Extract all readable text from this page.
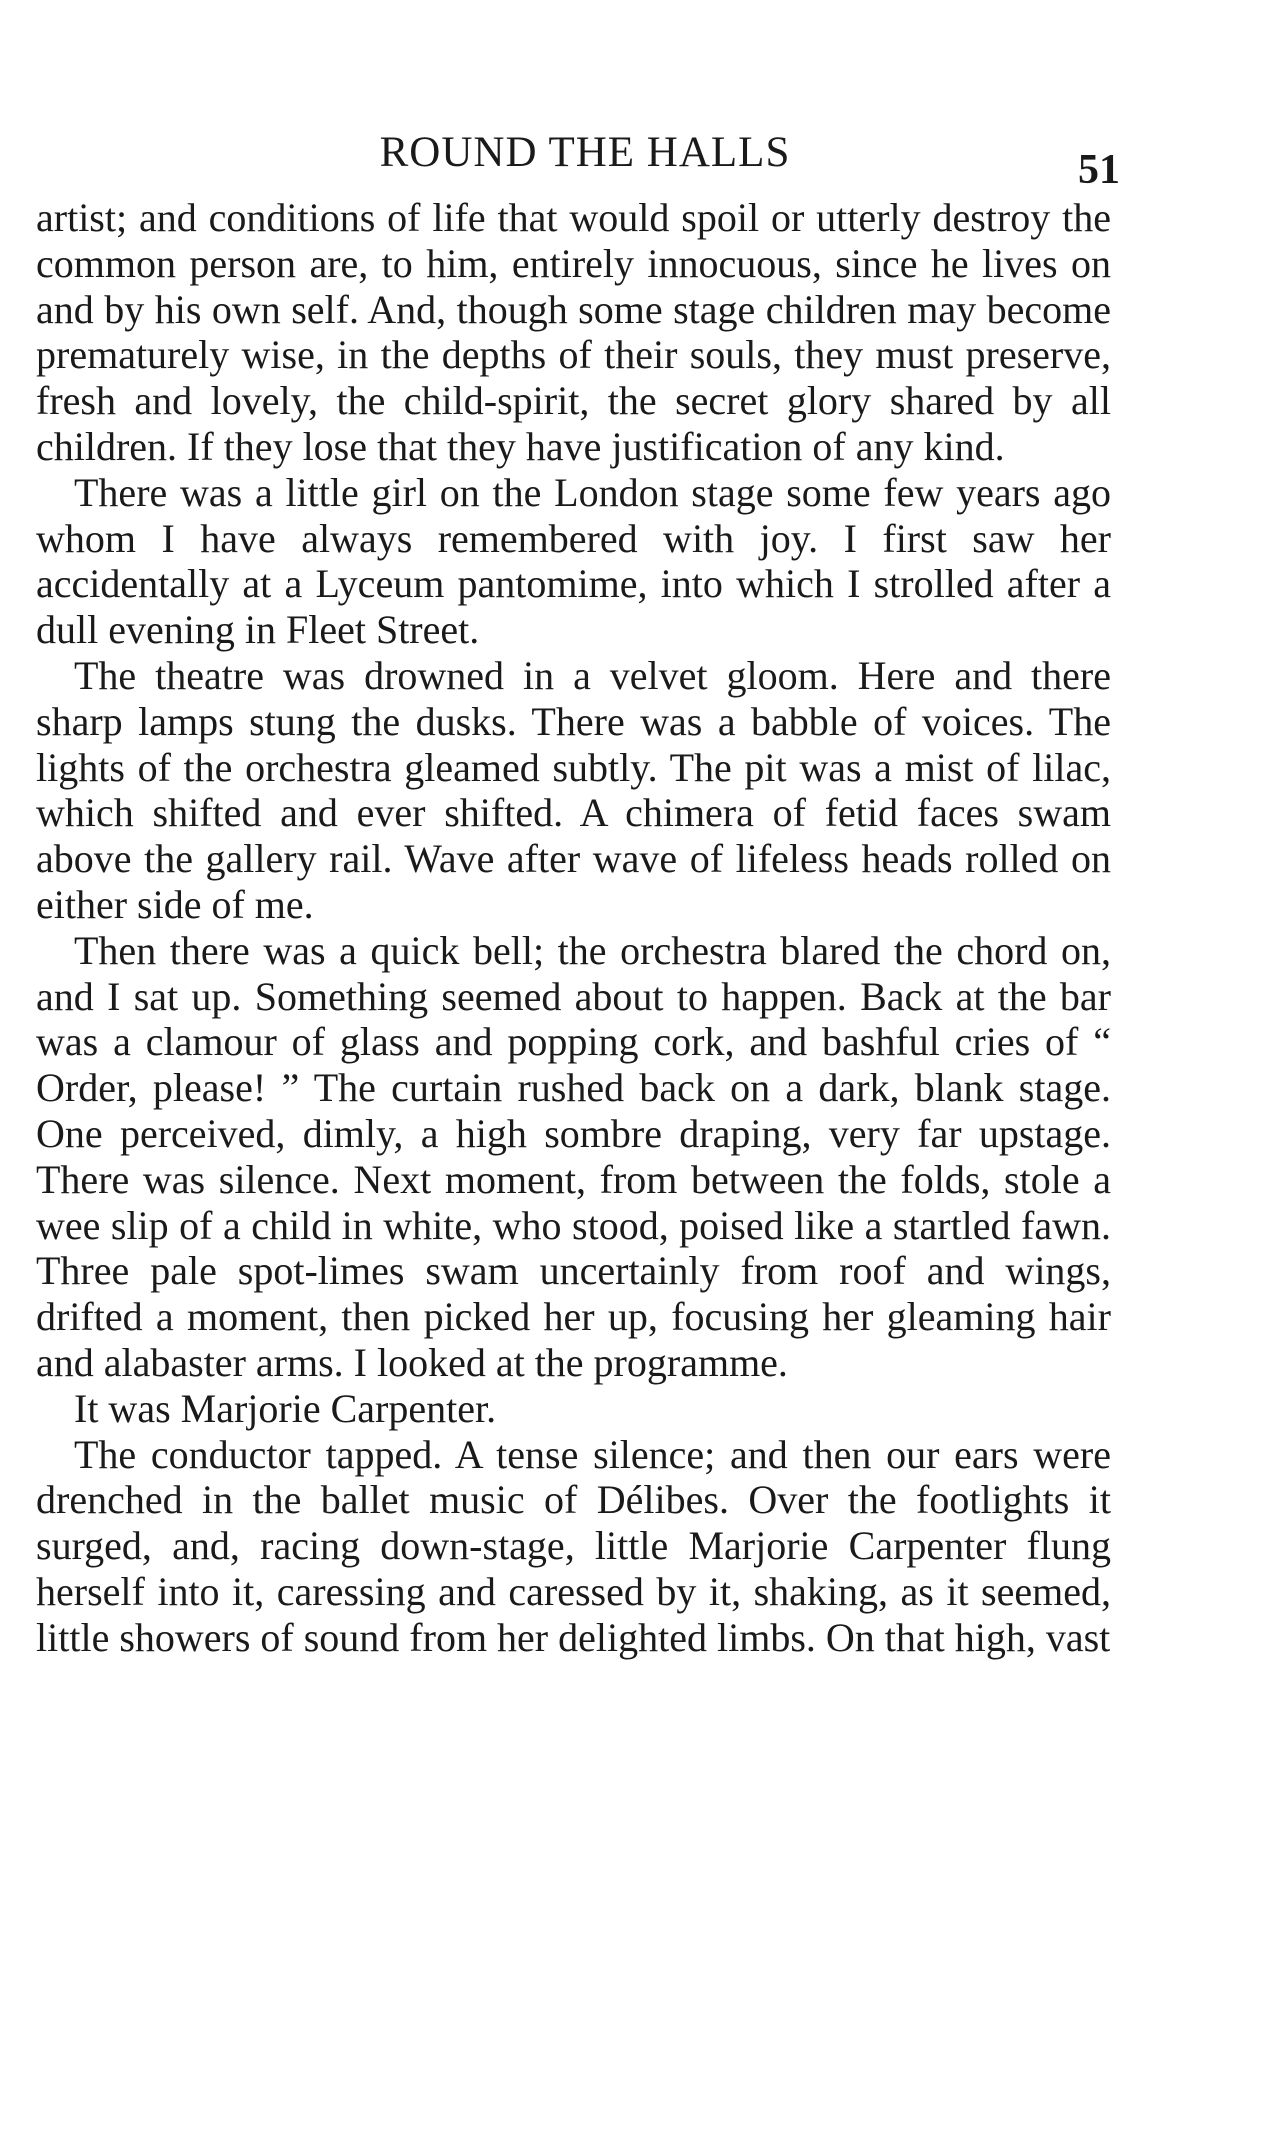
ROUND THE HALLS	51

artist; and conditions of life that would spoil or utterly destroy the common person are, to him, entirely innocuous, since he lives on and by his own self. And, though some stage children may become prematurely wise, in the depths of their souls, they must preserve, fresh and lovely, the child-spirit, the secret glory shared by all children. If they lose that they have justification of any kind.

There was a little girl on the London stage some few years ago whom I have always remembered with joy. I first saw her accidentally at a Lyceum pantomime, into which I strolled after a dull evening in Fleet Street.

The theatre was drowned in a velvet gloom. Here and there sharp lamps stung the dusks. There was a babble of voices. The lights of the orchestra gleamed subtly. The pit was a mist of lilac, which shifted and ever shifted. A chimera of fetid faces swam above the gallery rail. Wave after wave of lifeless heads rolled on either side of me.

Then there was a quick bell; the orchestra blared the chord on, and I sat up. Something seemed about to happen. Back at the bar was a clamour of glass and popping cork, and bashful cries of “ Order, please! ” The curtain rushed back on a dark, blank stage. One perceived, dimly, a high sombre draping, very far upstage. There was silence. Next moment, from between the folds, stole a wee slip of a child in white, who stood, poised like a startled fawn. Three pale spot-limes swam uncertainly from roof and wings, drifted a moment, then picked her up, focusing her gleaming hair and alabaster arms. I looked at the programme.

It was Marjorie Carpenter.

The conductor tapped. A tense silence; and then our ears were drenched in the ballet music of Délibes. Over the footlights it surged, and, racing down-stage, little Marjorie Carpenter flung herself into it, caressing and caressed by it, shaking, as it seemed, little showers of sound from her delighted limbs. On that high, vast
